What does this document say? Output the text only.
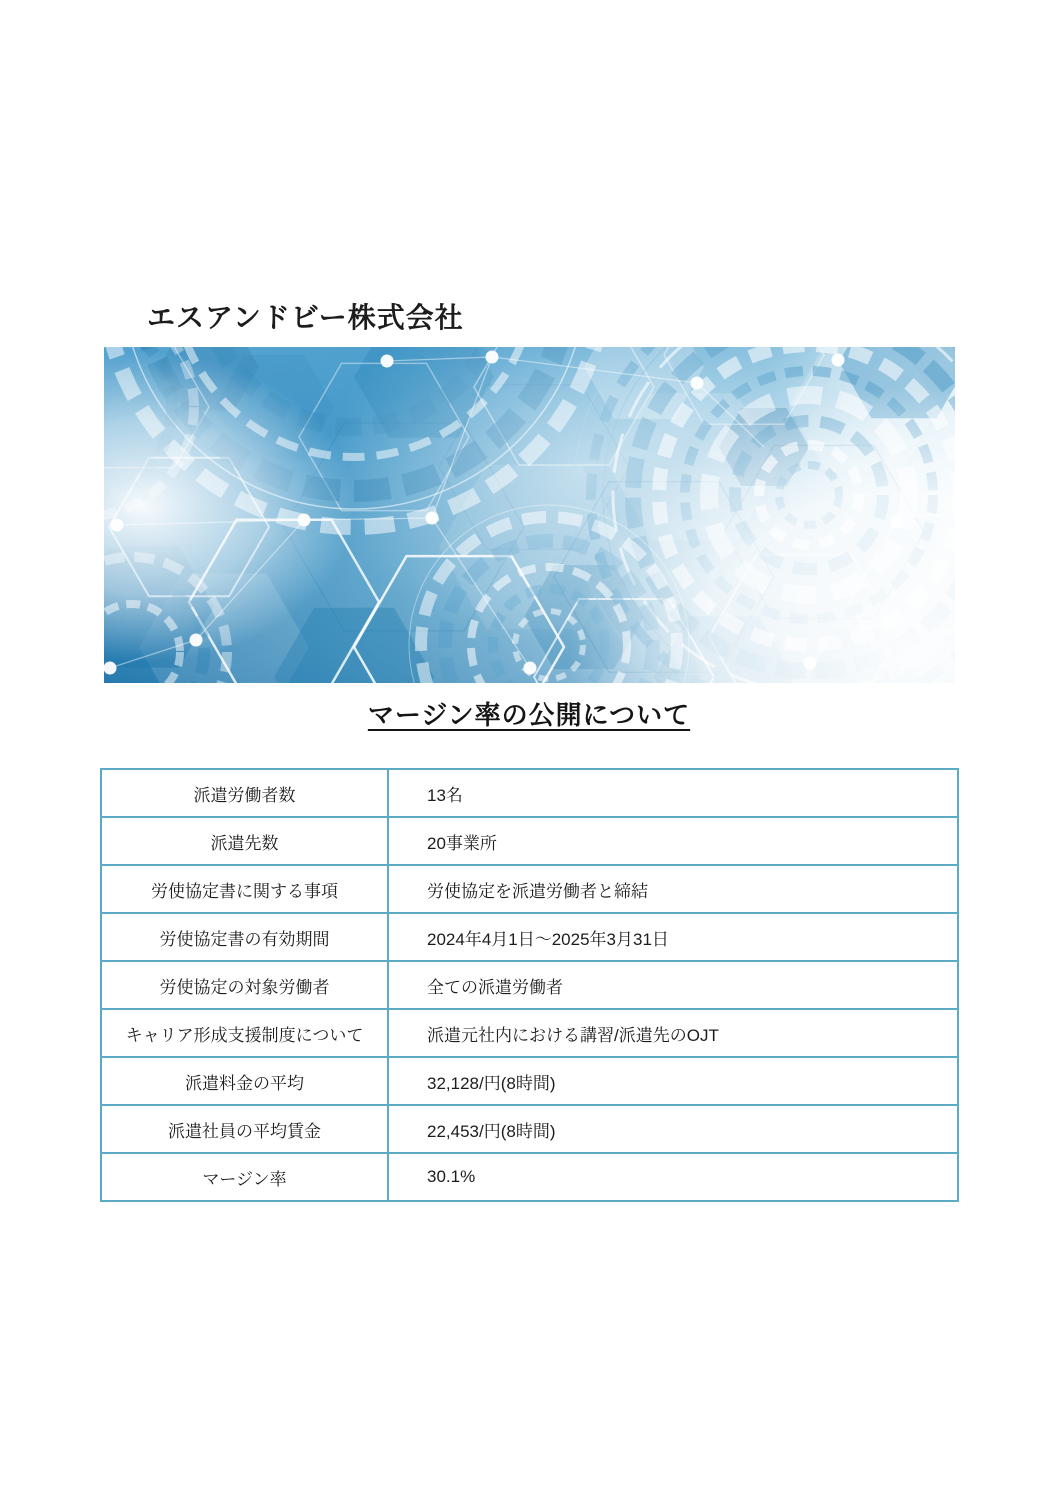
エスアンドビー株式会社
マージン率の公開について
派遣労働者数	13名
派遣先数	20事業所
労使協定書に関する事項	労使協定を派遣労働者と締結
労使協定書の有効期間	2024年4月1日～2025年3月31日
労使協定の対象労働者	全ての派遣労働者
キャリア形成支援制度について	派遣元社内における講習/派遣先のOJT
派遣料金の平均	32,128/円(8時間)
派遣社員の平均賃金	22,453/円(8時間)
マージン率	30.1%
